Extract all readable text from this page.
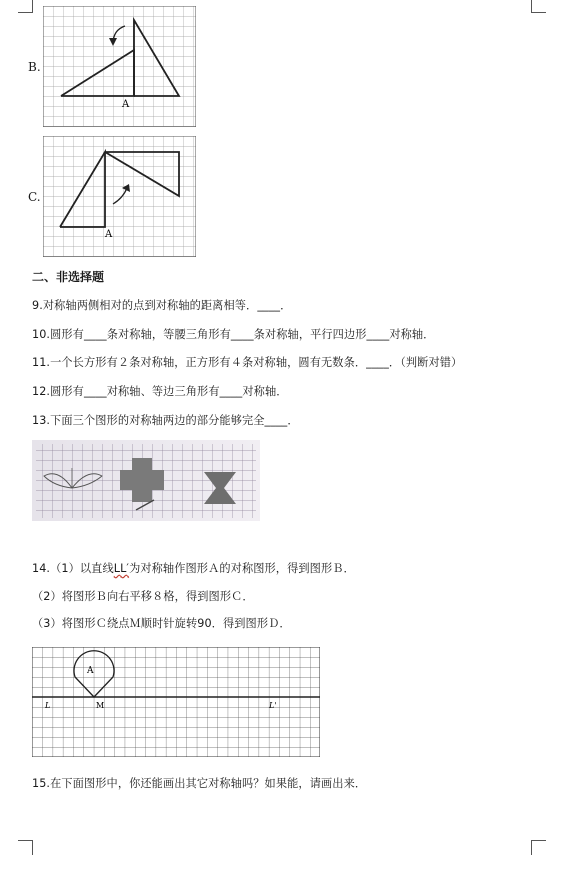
B.
A
C.
A
二、非选择题
9.对称轴两侧相对的点到对称轴的距离相等．____．
10.圆形有____条对称轴，等腰三角形有____条对称轴，平行四边形____对称轴．
11.一个长方形有２条对称轴，正方形有４条对称轴，圆有无数条．____．（判断对错）
12.圆形有____对称轴、等边三角形有____对称轴．
13.下面三个图形的对称轴两边的部分能够完全____．
14.（1）以直线LL′为对称轴作图形Ａ的对称图形，得到图形Ｂ．
（2）将图形Ｂ向右平移８格，得到图形Ｃ．
（3）将图形Ｃ绕点Ｍ顺时针旋转90．得到图形Ｄ．
A
M
L	L'
15.在下面图形中，你还能画出其它对称轴吗？如果能，请画出来．
